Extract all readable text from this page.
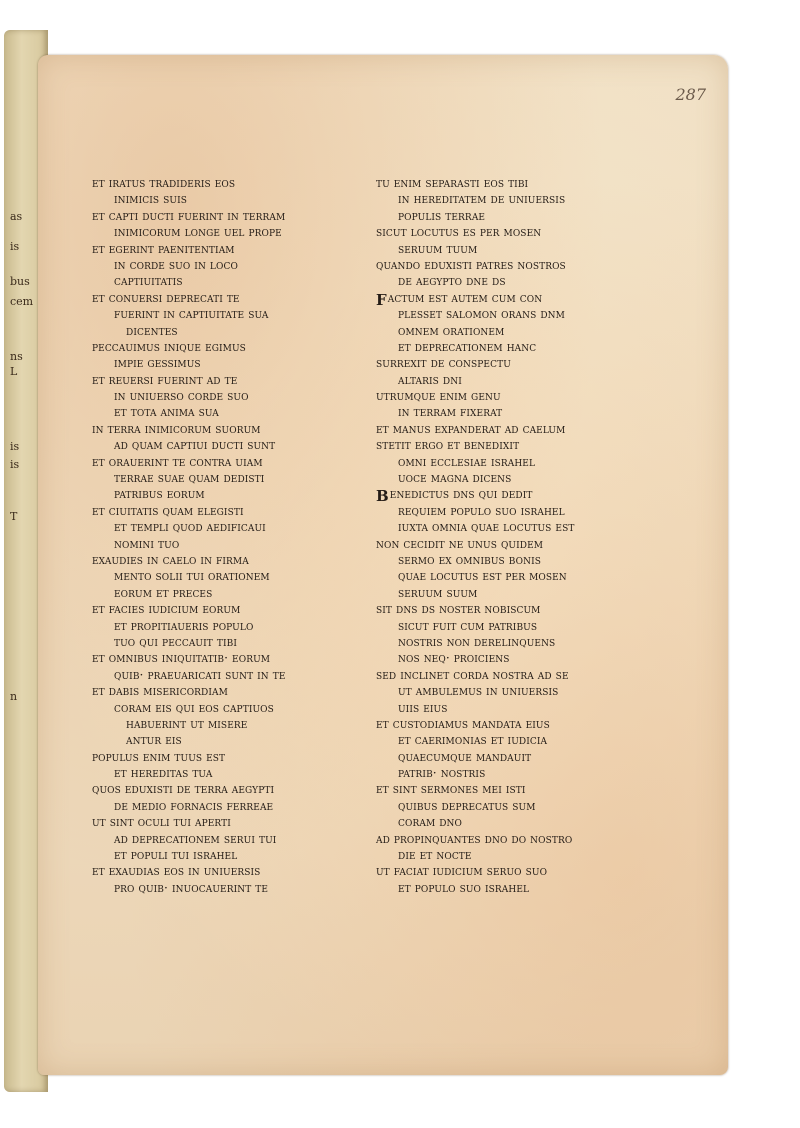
as
is
bus
cem
ns
L
is
is
T
n
287
et iratus tradideris eos
inimicis suis
et capti ducti fuerint in terram
inimicorum longe uel prope
et egerint paenitentiam
in corde suo in loco
captiuitatis
et conuersi deprecati te
fuerint in captiuitate sua
dicentes
peccauimus inique egimus
impie gessimus
et reuersi fuerint ad te
in uniuerso corde suo
et tota anima sua
in terra inimicorum suorum
ad quam captiui ducti sunt
et orauerint te contra uiam
terrae suae quam dedisti
patribus eorum
et ciuitatis quam elegisti
et templi quod aedificaui
nomini tuo
exaudies in caelo in firma
mento solii tui orationem
eorum et preces
et facies iudicium eorum
et propitiaueris populo
tuo qui peccauit tibi
et omnibus iniquitatib· eorum
quib· praeuaricati sunt in te
et dabis misericordiam
coram eis qui eos captiuos
habuerint ut misere
antur eis
populus enim tuus est
et hereditas tua
quos eduxisti de terra aegypti
de medio fornacis ferreae
ut sint oculi tui aperti
ad deprecationem serui tui
et populi tui israhel
et exaudias eos in uniuersis
pro quib· inuocauerint te
tu enim separasti eos tibi
in hereditatem de uniuersis
populis terrae
sicut locutus es per mosen
seruum tuum
quando eduxisti patres nostros
de aegypto dne ds
factum est autem cum con
plesset salomon orans dnm
omnem orationem
et deprecationem hanc
surrexit de conspectu
altaris dni
utrumque enim genu
in terram fixerat
et manus expanderat ad caelum
stetit ergo et benedixit
omni ecclesiae israhel
uoce magna dicens
benedictus dns qui dedit
requiem populo suo israhel
iuxta omnia quae locutus est
non cecidit ne unus quidem
sermo ex omnibus bonis
quae locutus est per mosen
seruum suum
sit dns ds noster nobiscum
sicut fuit cum patribus
nostris non derelinquens
nos neq· proiciens
sed inclinet corda nostra ad se
ut ambulemus in uniuersis
uiis eius
et custodiamus mandata eius
et caerimonias et iudicia
quaecumque mandauit
patrib· nostris
et sint sermones mei isti
quibus deprecatus sum
coram dno
ad propinquantes dno do nostro
die et nocte
ut faciat iudicium seruo suo
et populo suo israhel
